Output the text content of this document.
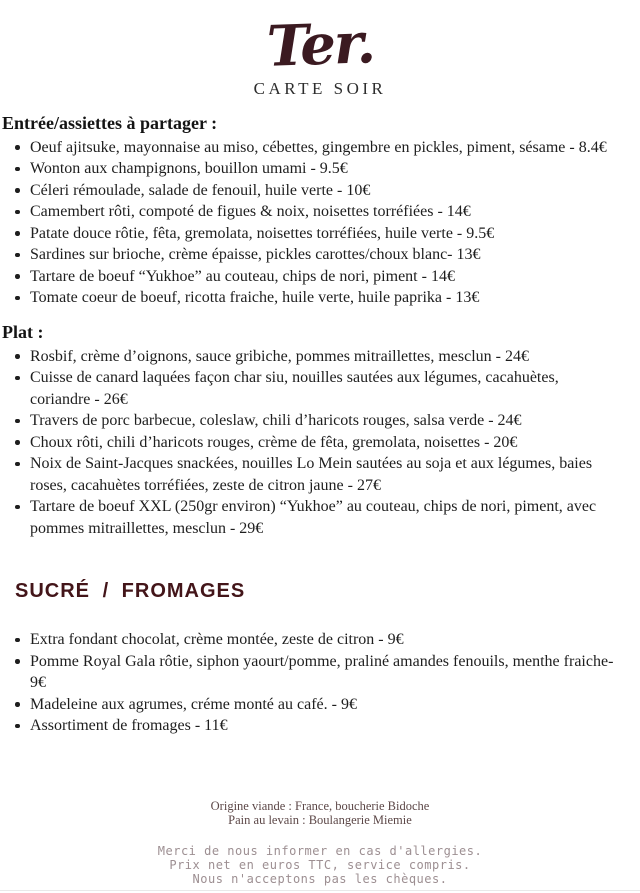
Ter.
CARTE SOIR
Entrée/assiettes à partager :
Oeuf ajitsuke, mayonnaise au miso, cébettes, gingembre en pickles, piment, sésame - 8.4€
Wonton aux champignons, bouillon umami - 9.5€
Céleri rémoulade, salade de fenouil, huile verte - 10€
Camembert rôti, compoté de figues & noix, noisettes torréfiées - 14€
Patate douce rôtie, fêta, gremolata, noisettes torréfiées, huile verte - 9.5€
Sardines sur brioche, crème épaisse, pickles carottes/choux blanc- 13€
Tartare de boeuf “Yukhoe” au couteau, chips de nori, piment - 14€
Tomate coeur de boeuf, ricotta fraiche, huile verte, huile paprika - 13€
Plat :
Rosbif, crème d’oignons, sauce gribiche, pommes mitraillettes, mesclun - 24€
Cuisse de canard laquées façon char siu, nouilles sautées aux légumes, cacahuètes, coriandre - 26€
Travers de porc barbecue, coleslaw, chili d’haricots rouges, salsa verde - 24€
Choux rôti, chili d’haricots rouges, crème de fêta, gremolata, noisettes - 20€
Noix de Saint-Jacques snackées, nouilles Lo Mein sautées au soja et aux légumes, baies roses, cacahuètes torréfiées, zeste de citron jaune - 27€
Tartare de boeuf XXL (250gr environ) “Yukhoe” au couteau, chips de nori, piment, avec pommes mitraillettes, mesclun - 29€
SUCRÉ / FROMAGES
Extra fondant chocolat, crème montée, zeste de citron - 9€
Pomme Royal Gala rôtie, siphon yaourt/pomme, praliné amandes fenouils, menthe fraiche- 9€
Madeleine aux agrumes, créme monté au café. - 9€
Assortiment de fromages - 11€
Origine viande : France, boucherie Bidoche
Pain au levain : Boulangerie Miemie
Merci de nous informer en cas d'allergies.
Prix net en euros TTC, service compris.
Nous n'acceptons pas les chèques.
